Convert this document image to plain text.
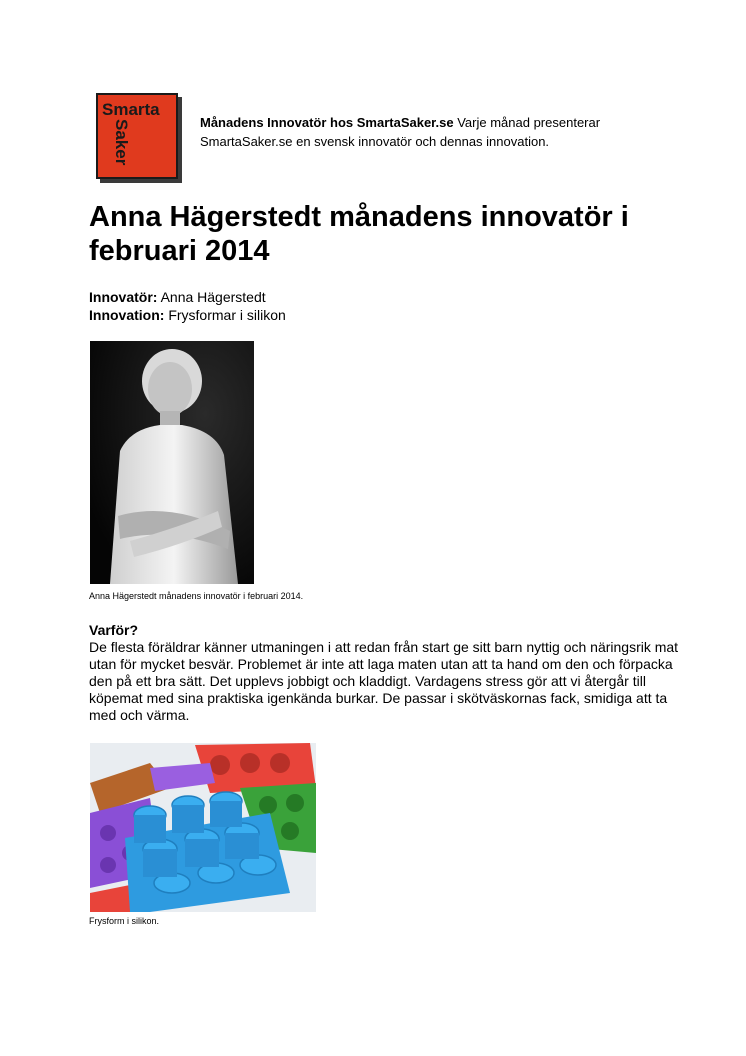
Smarta
Saker	Månadens Innovatör hos SmartaSaker.se Varje månad presenterar SmartaSaker.se en svensk innovatör och dennas innovation.
Anna Hägerstedt månadens innovatör i februari 2014
Innovatör: Anna Hägerstedt
Innovation: Frysformar i silikon
Anna Hägerstedt månadens innovatör i februari 2014.
Varför?

De flesta föräldrar känner utmaningen i att redan från start ge sitt barn nyttig och näringsrik mat utan för mycket besvär. Problemet är inte att laga maten utan att ta hand om den och förpacka den på ett bra sätt. Det upplevs jobbigt och kladdigt. Vardagens stress gör att vi återgår till köpemat med sina praktiska igenkända burkar. De passar i skötväskornas fack, smidiga att ta med och värma.

Frysform i silikon.
